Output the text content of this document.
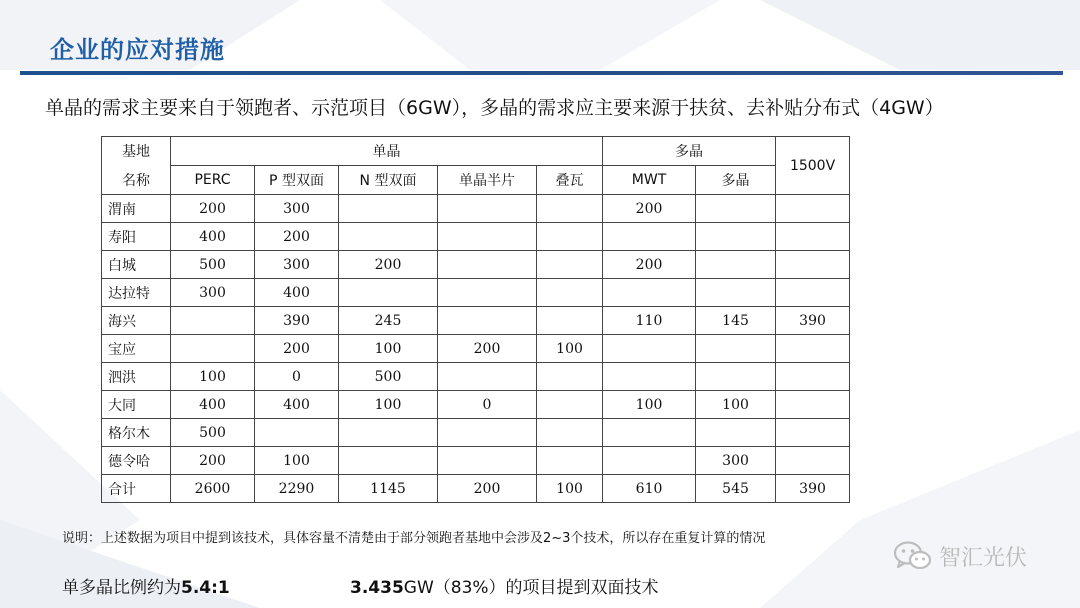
企业的应对措施

单晶的需求主要来自于领跑者、示范项目（6GW），多晶的需求应主要来源于扶贫、去补贴分布式（4GW）

基地	单晶					多晶		1500V
名称	PERC	P 型双面	N 型双面	单晶半片	叠瓦	MWT	多晶	
渭南	200	300				200		
寿阳	400	200						
白城	500	300	200			200		
达拉特	300	400						
海兴		390	245			110	145	390
宝应		200	100	200	100			
泗洪	100	0	500					
大同	400	400	100	0		100	100	
格尔木	500							
德令哈	200	100					300	
合计	2600	2290	1145	200	100	610	545	390

说明：上述数据为项目中提到该技术，具体容量不清楚由于部分领跑者基地中会涉及2~3个技术，所以存在重复计算的情况

单多晶比例约为5.4:1	3.435GW（83%）的项目提到双面技术

智汇光伏
